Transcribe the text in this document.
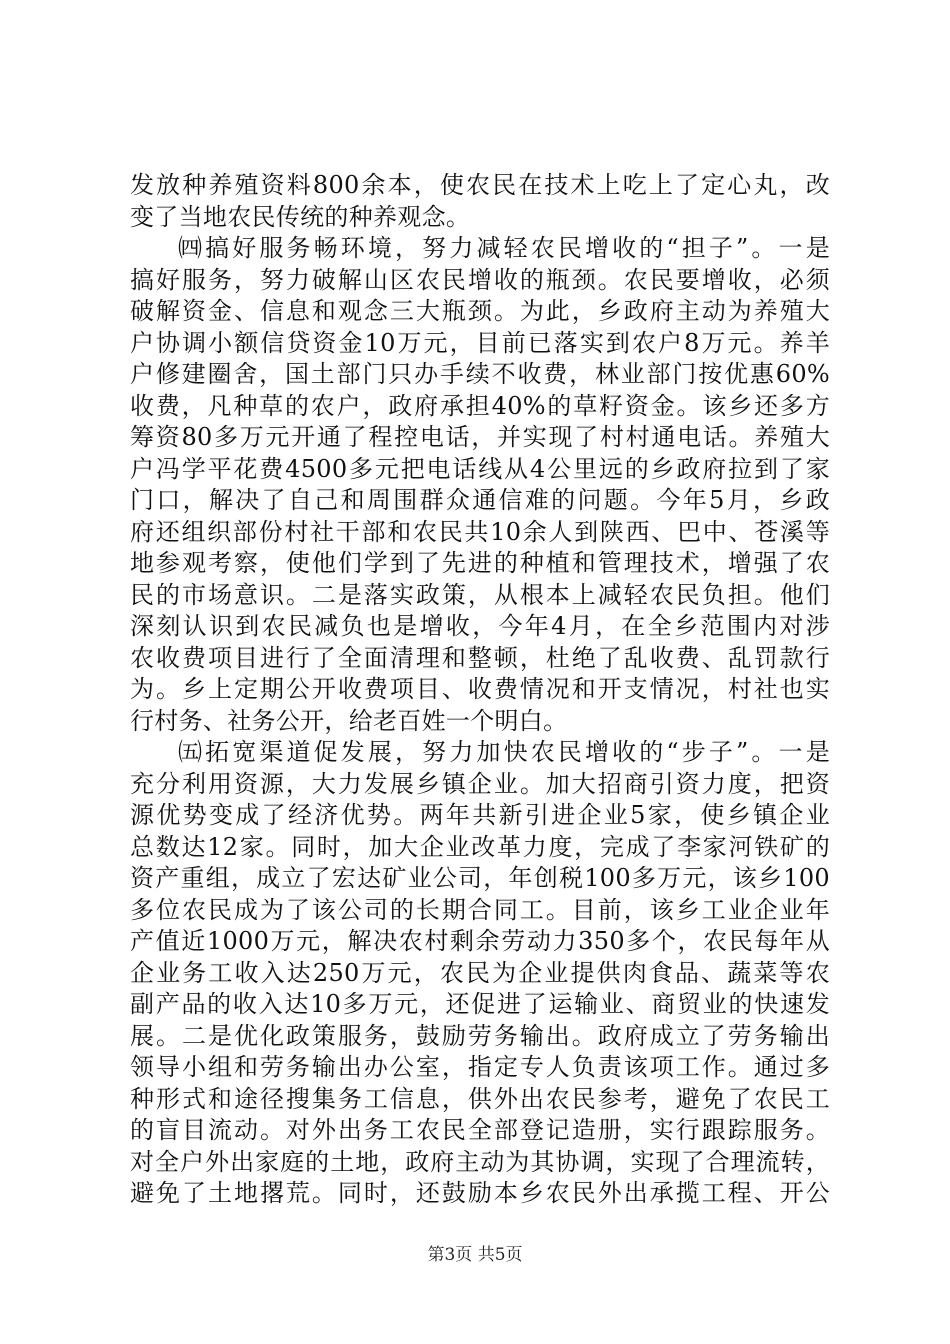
发放种养殖资料800余本，使农民在技术上吃上了定心丸，改
变了当地农民传统的种养观念。
㈣搞好服务畅环境，努力减轻农民增收的“担子”。一是
搞好服务，努力破解山区农民增收的瓶颈。农民要增收，必须
破解资金、信息和观念三大瓶颈。为此，乡政府主动为养殖大
户协调小额信贷资金10万元，目前已落实到农户8万元。养羊
户修建圈舍，国土部门只办手续不收费，林业部门按优惠60%
收费，凡种草的农户，政府承担40%的草籽资金。该乡还多方
筹资80多万元开通了程控电话，并实现了村村通电话。养殖大
户冯学平花费4500多元把电话线从4公里远的乡政府拉到了家
门口，解决了自己和周围群众通信难的问题。今年5月，乡政
府还组织部份村社干部和农民共10余人到陕西、巴中、苍溪等
地参观考察，使他们学到了先进的种植和管理技术，增强了农
民的市场意识。二是落实政策，从根本上减轻农民负担。他们
深刻认识到农民减负也是增收，今年4月，在全乡范围内对涉
农收费项目进行了全面清理和整顿，杜绝了乱收费、乱罚款行
为。乡上定期公开收费项目、收费情况和开支情况，村社也实
行村务、社务公开，给老百姓一个明白。
㈤拓宽渠道促发展，努力加快农民增收的“步子”。一是
充分利用资源，大力发展乡镇企业。加大招商引资力度，把资
源优势变成了经济优势。两年共新引进企业5家，使乡镇企业
总数达12家。同时，加大企业改革力度，完成了李家河铁矿的
资产重组，成立了宏达矿业公司，年创税100多万元，该乡100
多位农民成为了该公司的长期合同工。目前，该乡工业企业年
产值近1000万元，解决农村剩余劳动力350多个，农民每年从
企业务工收入达250万元，农民为企业提供肉食品、蔬菜等农
副产品的收入达10多万元，还促进了运输业、商贸业的快速发
展。二是优化政策服务，鼓励劳务输出。政府成立了劳务输出
领导小组和劳务输出办公室，指定专人负责该项工作。通过多
种形式和途径搜集务工信息，供外出农民参考，避免了农民工
的盲目流动。对外出务工农民全部登记造册，实行跟踪服务。
对全户外出家庭的土地，政府主动为其协调，实现了合理流转，
避免了土地撂荒。同时，还鼓励本乡农民外出承揽工程、开公
第3页 共5页
